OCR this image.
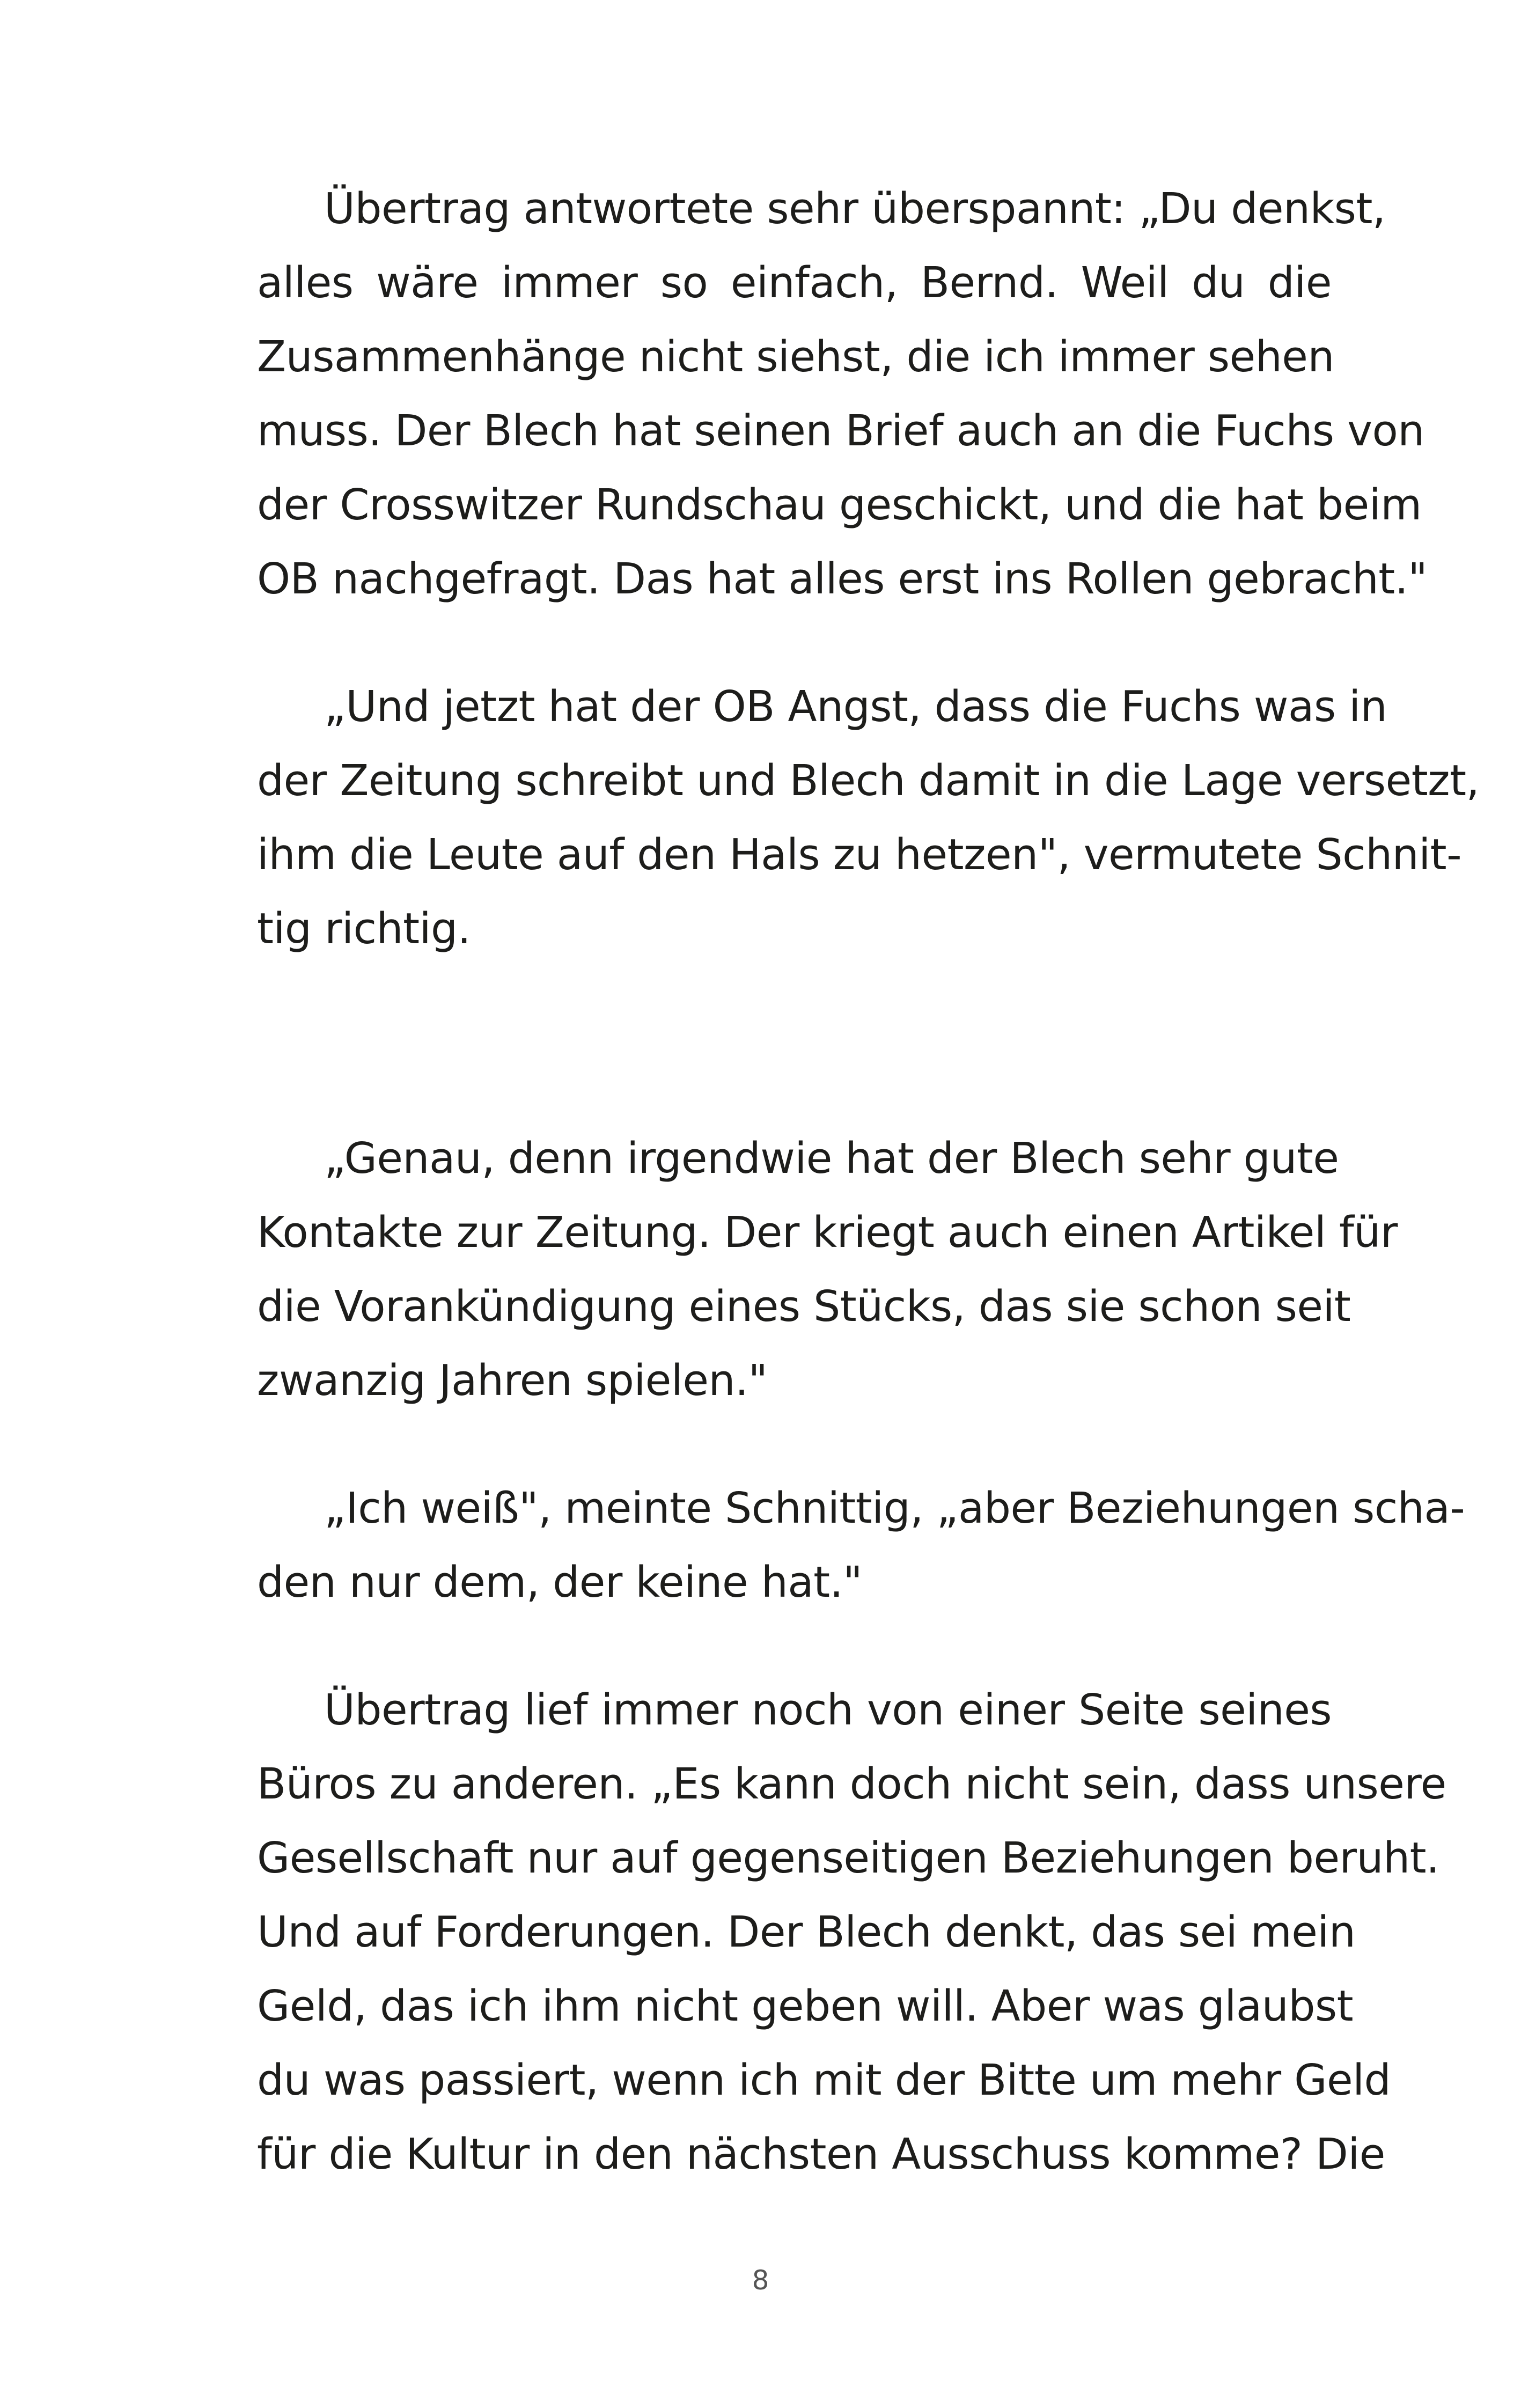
Übertrag antwortete sehr überspannt: „Du denkst,
alles wäre immer so einfach, Bernd. Weil du die
Zusammenhänge nicht siehst, die ich immer sehen
muss. Der Blech hat seinen Brief auch an die Fuchs von
der Crosswitzer Rundschau geschickt, und die hat beim
OB nachgefragt. Das hat alles erst ins Rollen gebracht."
„Und jetzt hat der OB Angst, dass die Fuchs was in
der Zeitung schreibt und Blech damit in die Lage versetzt,
ihm die Leute auf den Hals zu hetzen", vermutete Schnit-
tig richtig.
„Genau, denn irgendwie hat der Blech sehr gute
Kontakte zur Zeitung. Der kriegt auch einen Artikel für
die Vorankündigung eines Stücks, das sie schon seit
zwanzig Jahren spielen."
„Ich weiß", meinte Schnittig, „aber Beziehungen scha-
den nur dem, der keine hat."
Übertrag lief immer noch von einer Seite seines
Büros zu anderen. „Es kann doch nicht sein, dass unsere
Gesellschaft nur auf gegenseitigen Beziehungen beruht.
Und auf Forderungen. Der Blech denkt, das sei mein
Geld, das ich ihm nicht geben will. Aber was glaubst
du was passiert, wenn ich mit der Bitte um mehr Geld
für die Kultur in den nächsten Ausschuss komme? Die
8
